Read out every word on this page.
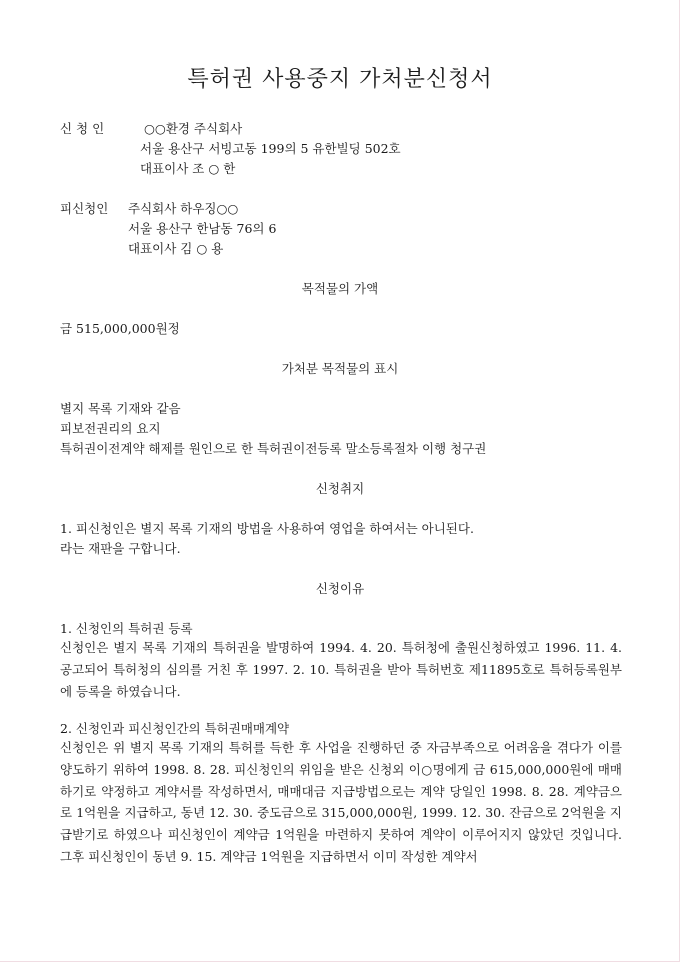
특허권 사용중지 가처분신청서
신 청 인	○○환경 주식회사
서울 용산구 서빙고동 199의 5 유한빌딩 502호
대표이사 조 ○ 한
피신청인 주식회사 하우징○○
서울 용산구 한남동 76의 6
대표이사 김 ○ 용
목적물의 가액
금 515,000,000원정
가처분 목적물의 표시
별지 목록 기재와 같음
피보전권리의 요지
특허권이전계약 해제를 원인으로 한 특허권이전등록 말소등록절차 이행 청구권
신청취지
1. 피신청인은 별지 목록 기재의 방법을 사용하여 영업을 하여서는 아니된다.
라는 재판을 구합니다.
신청이유
1. 신청인의 특허권 등록
신청인은 별지 목록 기재의 특허권을 발명하여 1994. 4. 20. 특허청에 출원신청하였고 1996. 11. 4. 공고되어 특허청의 심의를 거친 후 1997. 2. 10. 특허권을 받아 특허번호 제11895호로 특허등록원부에 등록을 하였습니다.
2. 신청인과 피신청인간의 특허권매매계약
신청인은 위 별지 목록 기재의 특허를 득한 후 사업을 진행하던 중 자금부족으로 어려움을 겪다가 이를 양도하기 위하여 1998. 8. 28. 피신청인의 위임을 받은 신청외 이○명에게 금 615,000,000원에 매매하기로 약정하고 계약서를 작성하면서, 매매대금 지급방법으로는 계약 당일인 1998. 8. 28. 계약금으로 1억원을 지급하고, 동년 12. 30. 중도금으로 315,000,000원, 1999. 12. 30. 잔금으로 2억원을 지급받기로 하였으나 피신청인이 계약금 1억원을 마련하지 못하여 계약이 이루어지지 않았던 것입니다. 그후 피신청인이 동년 9. 15. 계약금 1억원을 지급하면서 이미 작성한 계약서
